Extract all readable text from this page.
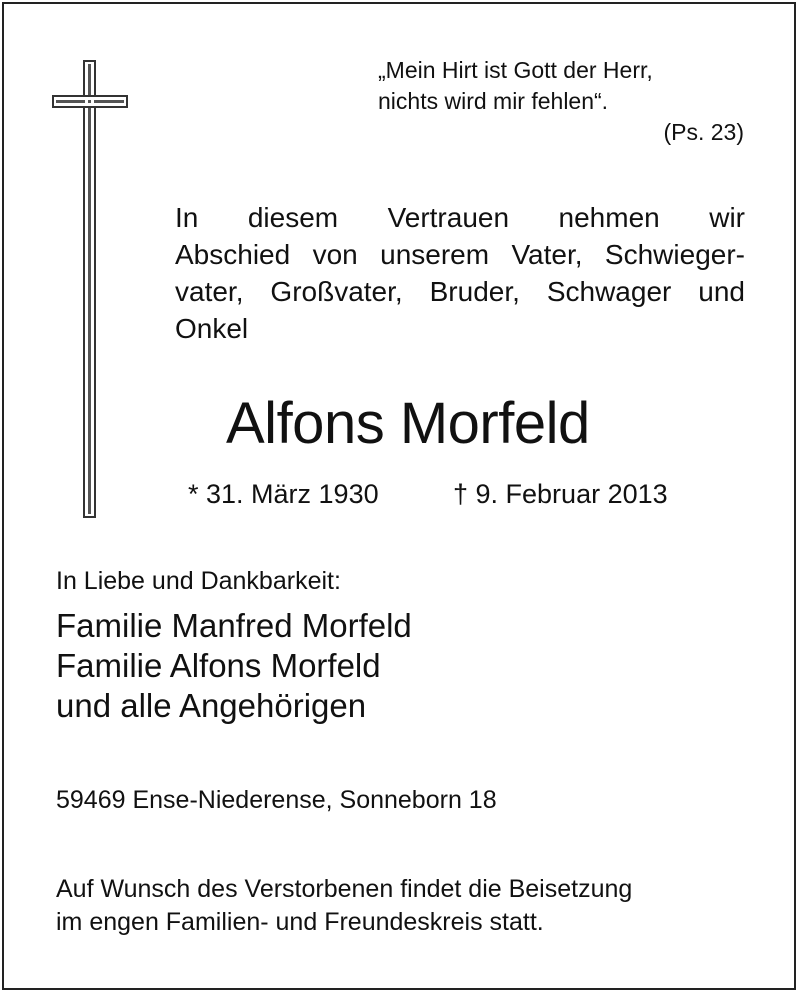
„Mein Hirt ist Gott der Herr,
nichts wird mir fehlen“.
(Ps. 23)
In diesem Vertrauen nehmen wir
Abschied von unserem Vater, Schwieger-
vater, Großvater, Bruder, Schwager und
Onkel
Alfons Morfeld
* 31. März 1930	† 9. Februar 2013
In Liebe und Dankbarkeit:
Familie Manfred Morfeld
Familie Alfons Morfeld
und alle Angehörigen
59469 Ense-Niederense, Sonneborn 18
Auf Wunsch des Verstorbenen findet die Beisetzung
im engen Familien- und Freundeskreis statt.
